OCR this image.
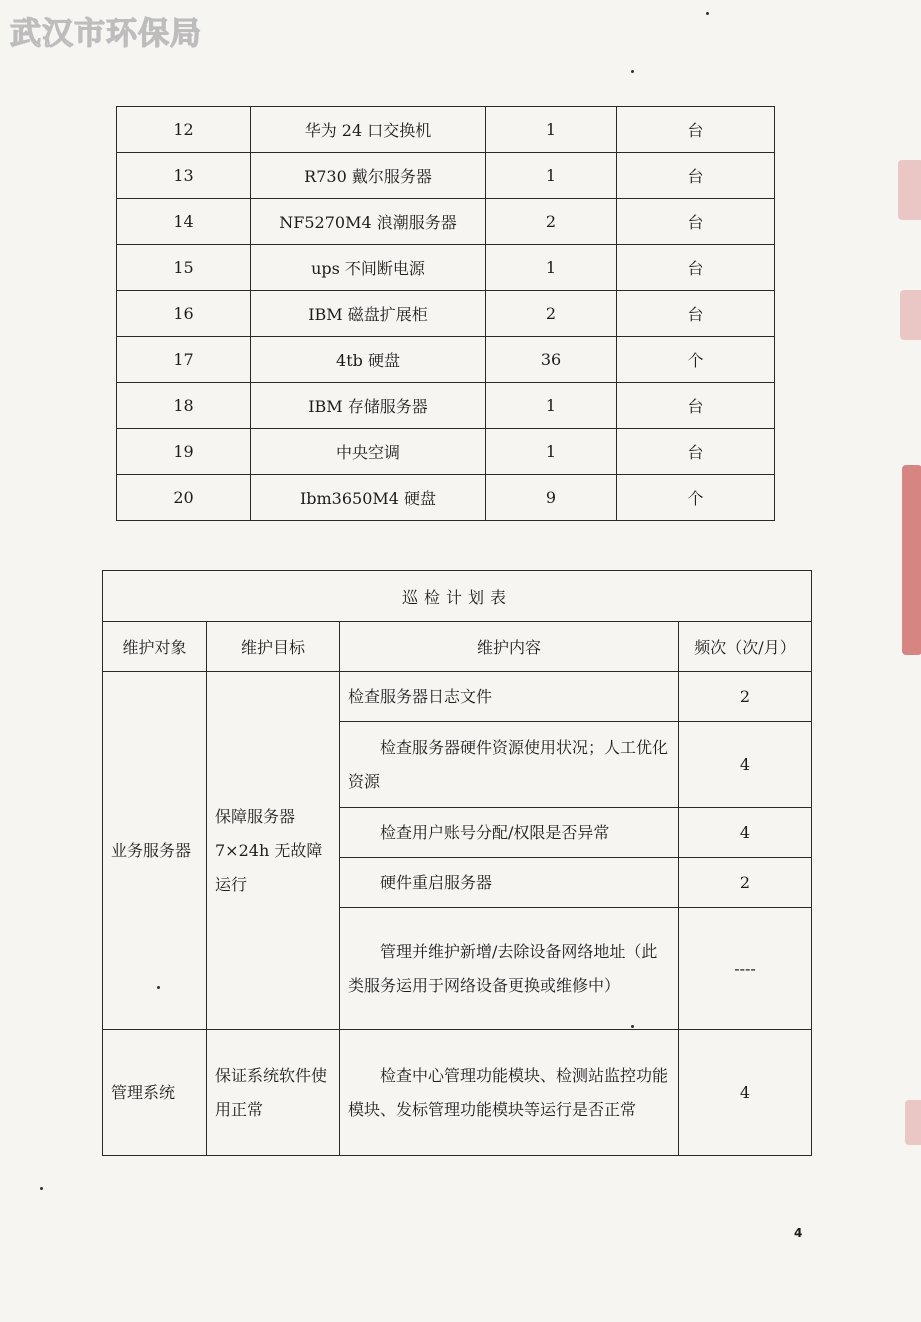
武汉市环保局
12	华为 24 口交换机	1	台
13	R730 戴尔服务器	1	台
14	NF5270M4 浪潮服务器	2	台
15	ups 不间断电源	1	台
16	IBM 磁盘扩展柜	2	台
17	4tb 硬盘	36	个
18	IBM 存储服务器	1	台
19	中央空调	1	台
20	Ibm3650M4 硬盘	9	个
巡检计划表			
维护对象	维护目标	维护内容	频次（次/月）
业务服务器	保障服务器 7×24h 无故障运行	检查服务器日志文件	2
		检查服务器硬件资源使用状况；人工优化资源	4
		检查用户账号分配/权限是否异常	4
		硬件重启服务器	2
		管理并维护新增/去除设备网络地址（此类服务运用于网络设备更换或维修中）	----
管理系统	保证系统软件使用正常	检查中心管理功能模块、检测站监控功能模块、发标管理功能模块等运行是否正常	4
4
